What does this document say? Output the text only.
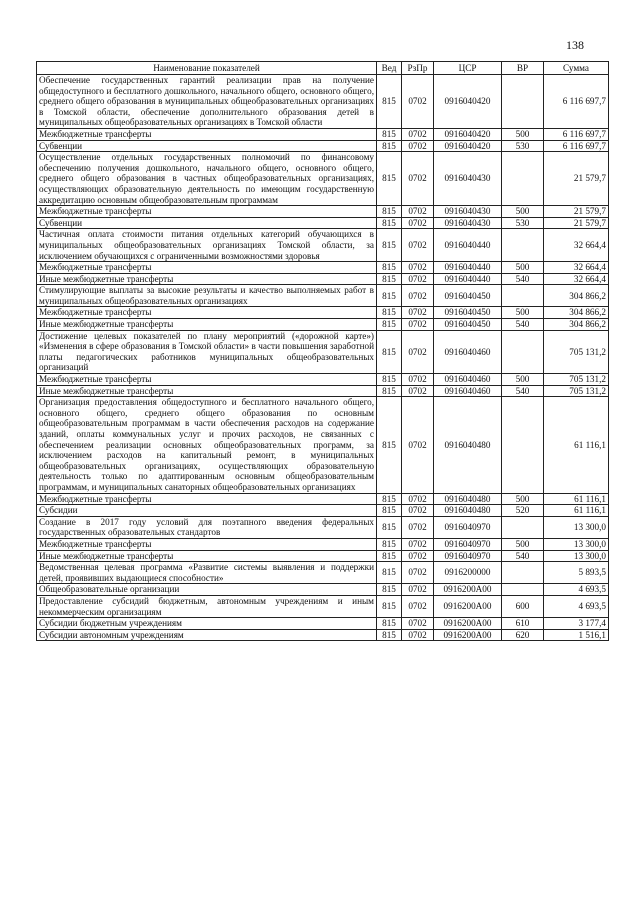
138
Наименование показателей	Вед	РзПр	ЦСР	ВР	Сумма
Обеспечение государственных гарантий реализации прав на получение общедоступного и бесплатного дошкольного, начального общего, основного общего, среднего общего образования в муниципальных общеобразовательных организациях в Томской области, обеспечение дополнительного образования детей в муниципальных общеобразовательных организациях в Томской области	815	0702	0916040420		6 116 697,7
Межбюджетные трансферты	815	0702	0916040420	500	6 116 697,7
Субвенции	815	0702	0916040420	530	6 116 697,7
Осуществление отдельных государственных полномочий по финансовому обеспечению получения дошкольного, начального общего, основного общего, среднего общего образования в частных общеобразовательных организациях, осуществляющих образовательную деятельность по имеющим государственную аккредитацию основным общеобразовательным программам	815	0702	0916040430		21 579,7
Межбюджетные трансферты	815	0702	0916040430	500	21 579,7
Субвенции	815	0702	0916040430	530	21 579,7
Частичная оплата стоимости питания отдельных категорий обучающихся в муниципальных общеобразовательных организациях Томской области, за исключением обучающихся с ограниченными возможностями здоровья	815	0702	0916040440		32 664,4
Межбюджетные трансферты	815	0702	0916040440	500	32 664,4
Иные межбюджетные трансферты	815	0702	0916040440	540	32 664,4
Стимулирующие выплаты за высокие результаты и качество выполняемых работ в муниципальных общеобразовательных организациях	815	0702	0916040450		304 866,2
Межбюджетные трансферты	815	0702	0916040450	500	304 866,2
Иные межбюджетные трансферты	815	0702	0916040450	540	304 866,2
Достижение целевых показателей по плану мероприятий («дорожной карте») «Изменения в сфере образования в Томской области» в части повышения заработной платы педагогических работников муниципальных общеобразовательных организаций	815	0702	0916040460		705 131,2
Межбюджетные трансферты	815	0702	0916040460	500	705 131,2
Иные межбюджетные трансферты	815	0702	0916040460	540	705 131,2
Организация предоставления общедоступного и бесплатного начального общего, основного общего, среднего общего образования по основным общеобразовательным программам в части обеспечения расходов на содержание зданий, оплаты коммунальных услуг и прочих расходов, не связанных с обеспечением реализации основных общеобразовательных программ, за исключением расходов на капитальный ремонт, в муниципальных общеобразовательных организациях, осуществляющих образовательную деятельность только по адаптированным основным общеобразовательным программам, и муниципальных санаторных общеобразовательных организациях	815	0702	0916040480		61 116,1
Межбюджетные трансферты	815	0702	0916040480	500	61 116,1
Субсидии	815	0702	0916040480	520	61 116,1
Создание в 2017 году условий для поэтапного введения федеральных государственных образовательных стандартов	815	0702	0916040970		13 300,0
Межбюджетные трансферты	815	0702	0916040970	500	13 300,0
Иные межбюджетные трансферты	815	0702	0916040970	540	13 300,0
Ведомственная целевая программа «Развитие системы выявления и поддержки детей, проявивших выдающиеся способности»	815	0702	0916200000		5 893,5
Общеобразовательные организации	815	0702	0916200А00		4 693,5
Предоставление субсидий бюджетным, автономным учреждениям и иным некоммерческим организациям	815	0702	0916200А00	600	4 693,5
Субсидии бюджетным учреждениям	815	0702	0916200А00	610	3 177,4
Субсидии автономным учреждениям	815	0702	0916200А00	620	1 516,1
